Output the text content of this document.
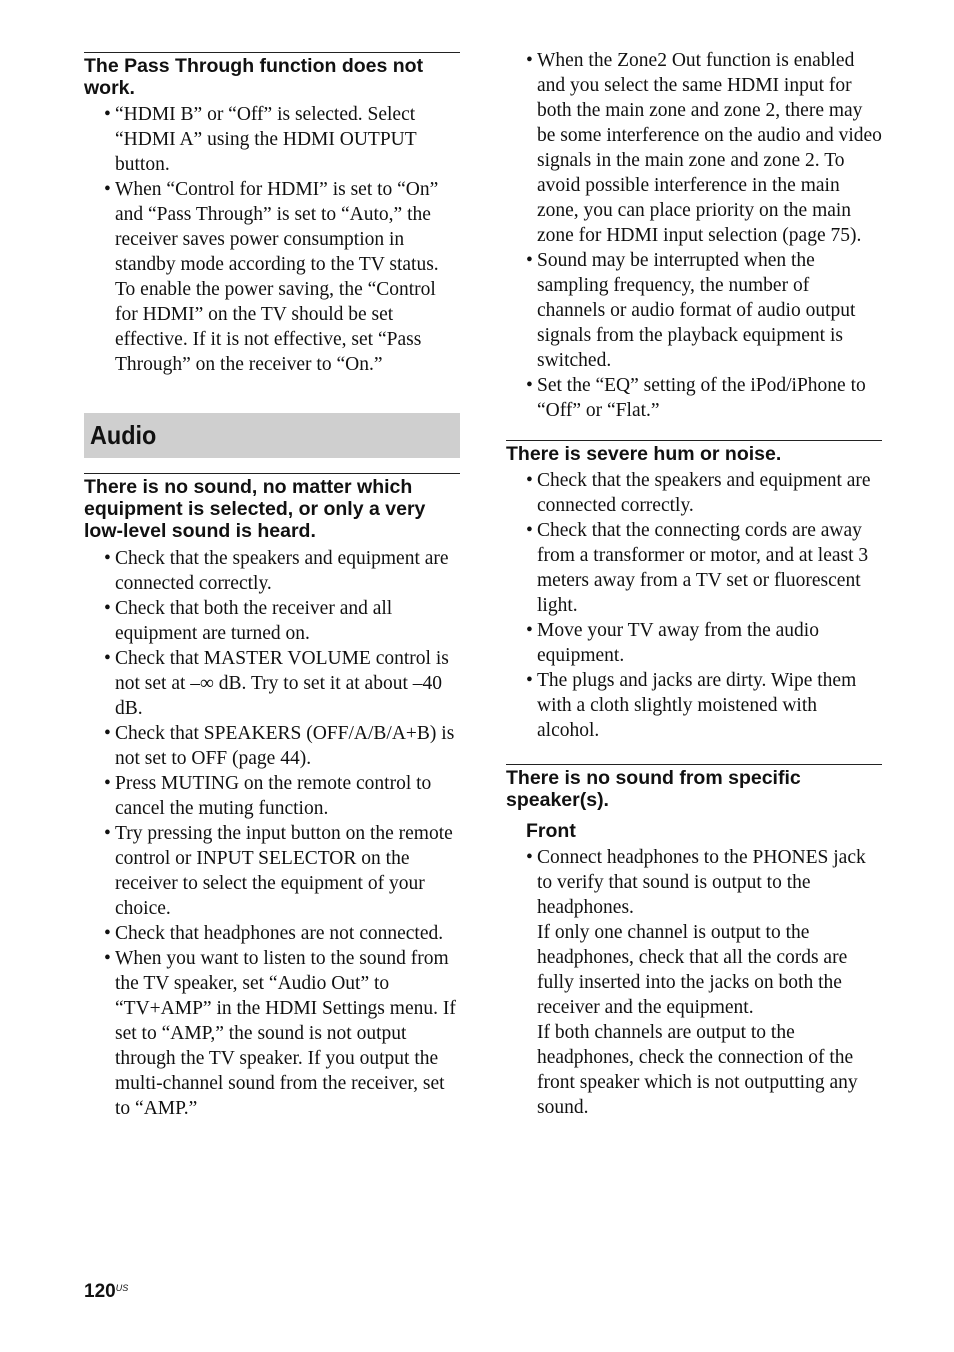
The Pass Through function does not work.
• “HDMI B” or “Off” is selected. Select “HDMI A” using the HDMI OUTPUT button.
• When “Control for HDMI” is set to “On” and “Pass Through” is set to “Auto,” the receiver saves power consumption in standby mode according to the TV status. To enable the power saving, the “Control for HDMI” on the TV should be set effective. If it is not effective, set “Pass Through” on the receiver to “On.”
Audio
There is no sound, no matter which equipment is selected, or only a very low-level sound is heard.
• Check that the speakers and equipment are connected correctly.
• Check that both the receiver and all equipment are turned on.
• Check that MASTER VOLUME control is not set at –∞ dB. Try to set it at about –40 dB.
• Check that SPEAKERS (OFF/A/B/A+B) is not set to OFF (page 44).
• Press MUTING on the remote control to cancel the muting function.
• Try pressing the input button on the remote control or INPUT SELECTOR on the receiver to select the equipment of your choice.
• Check that headphones are not connected.
• When you want to listen to the sound from the TV speaker, set “Audio Out” to “TV+AMP” in the HDMI Settings menu. If set to “AMP,” the sound is not output through the TV speaker. If you output the multi-channel sound from the receiver, set to “AMP.”
• When the Zone2 Out function is enabled and you select the same HDMI input for both the main zone and zone 2, there may be some interference on the audio and video signals in the main zone and zone 2. To avoid possible interference in the main zone, you can place priority on the main zone for HDMI input selection (page 75).
• Sound may be interrupted when the sampling frequency, the number of channels or audio format of audio output signals from the playback equipment is switched.
• Set the “EQ” setting of the iPod/iPhone to “Off” or “Flat.”
There is severe hum or noise.
• Check that the speakers and equipment are connected correctly.
• Check that the connecting cords are away from a transformer or motor, and at least 3 meters away from a TV set or fluorescent light.
• Move your TV away from the audio equipment.
• The plugs and jacks are dirty. Wipe them with a cloth slightly moistened with alcohol.
There is no sound from specific speaker(s).
Front
• Connect headphones to the PHONES jack to verify that sound is output to the headphones.
If only one channel is output to the headphones, check that all the cords are fully inserted into the jacks on both the receiver and the equipment.
If both channels are output to the headphones, check the connection of the front speaker which is not outputting any sound.
$120^{US}$
